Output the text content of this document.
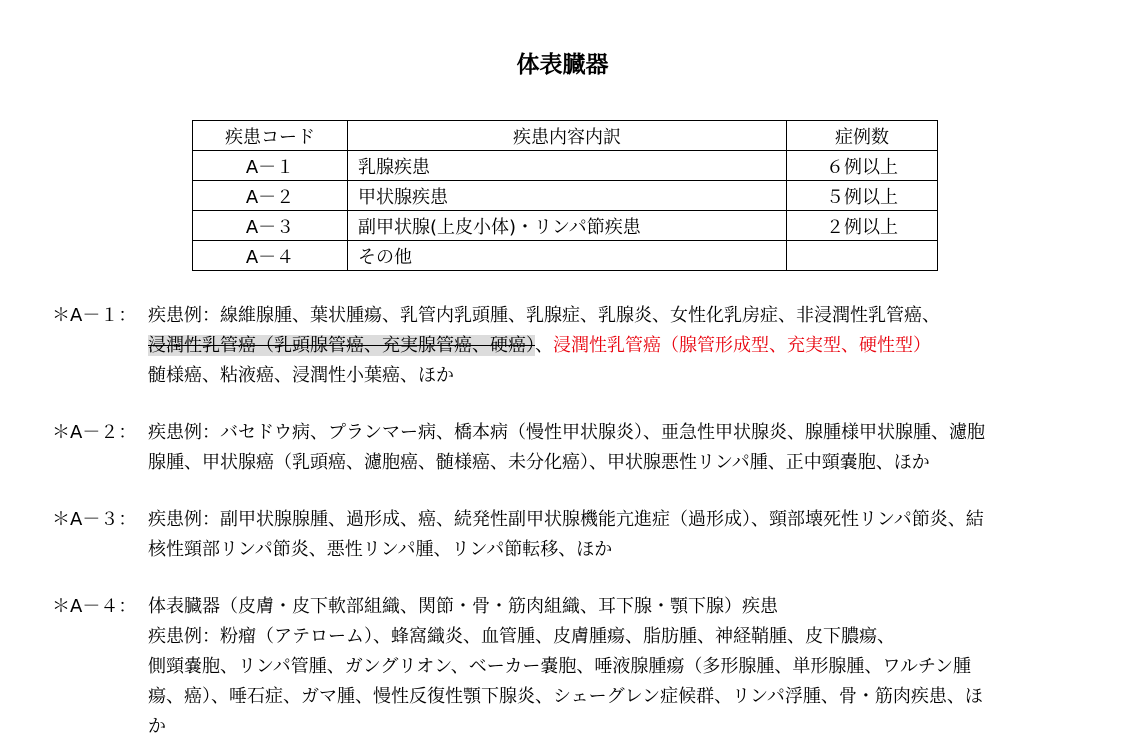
体表臓器
疾患コード	疾患内容内訳	症例数
A－１	乳腺疾患	６例以上
A－２	甲状腺疾患	５例以上
A－３	副甲状腺(上皮小体)・リンパ節疾患	２例以上
A－４	その他	
＊A－１： 疾患例：線維腺腫、葉状腫瘍、乳管内乳頭腫、乳腺症、乳腺炎、女性化乳房症、非浸潤性乳管癌、
浸潤性乳管癌（乳頭腺管癌、充実腺管癌、硬癌）、浸潤性乳管癌（腺管形成型、充実型、硬性型）
髄様癌、粘液癌、浸潤性小葉癌、ほか
＊A－２： 疾患例：バセドウ病、プランマー病、橋本病（慢性甲状腺炎）、亜急性甲状腺炎、腺腫様甲状腺腫、濾胞
腺腫、甲状腺癌（乳頭癌、濾胞癌、髄様癌、未分化癌）、甲状腺悪性リンパ腫、正中頸嚢胞、ほか
＊A－３： 疾患例：副甲状腺腺腫、過形成、癌、続発性副甲状腺機能亢進症（過形成）、頸部壊死性リンパ節炎、結
核性頸部リンパ節炎、悪性リンパ腫、リンパ節転移、ほか
＊A－４： 体表臓器（皮膚・皮下軟部組織、関節・骨・筋肉組織、耳下腺・顎下腺）疾患
疾患例：粉瘤（アテローム）、蜂窩織炎、血管腫、皮膚腫瘍、脂肪腫、神経鞘腫、皮下膿瘍、
側頸嚢胞、リンパ管腫、ガングリオン、ベーカー嚢胞、唾液腺腫瘍（多形腺腫、単形腺腫、ワルチン腫
瘍、癌）、唾石症、ガマ腫、慢性反復性顎下腺炎、シェーグレン症候群、リンパ浮腫、骨・筋肉疾患、ほ
か
